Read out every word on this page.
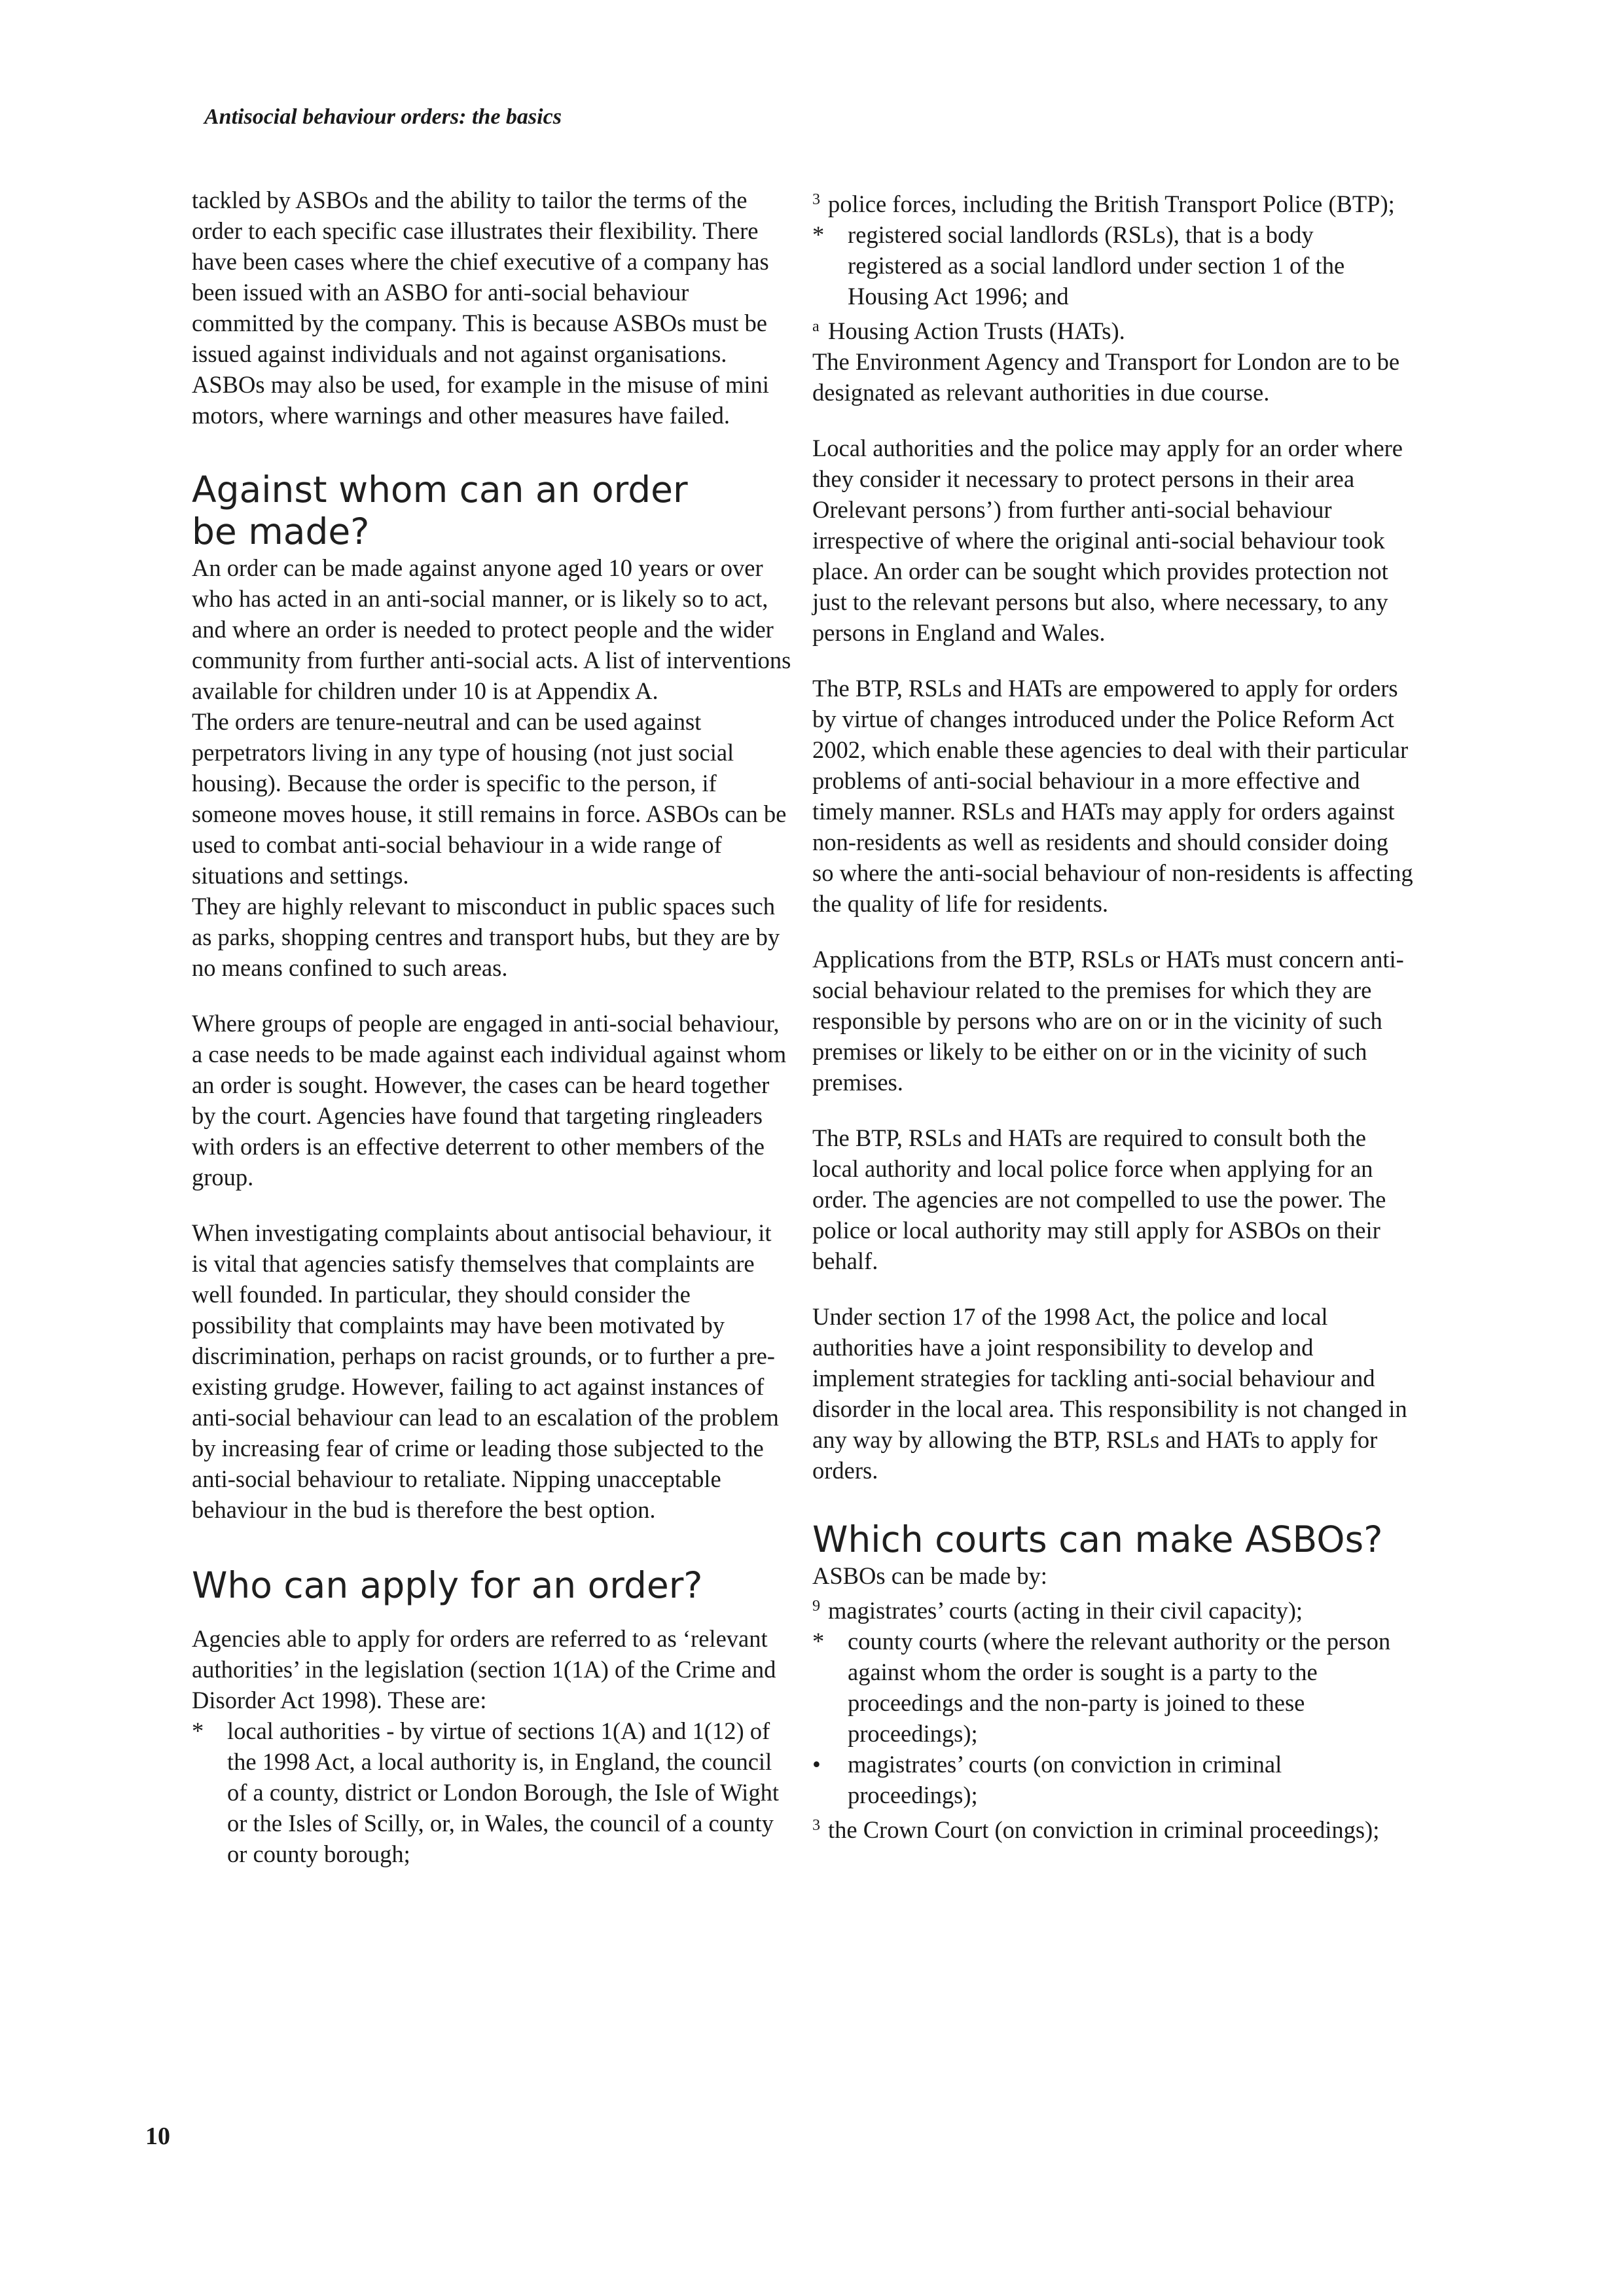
Antisocial behaviour orders: the basics

tackled by ASBOs and the ability to tailor the terms of the order to each specific case illustrates their flexibility. There have been cases where the chief executive of a company has been issued with an ASBO for anti-social behaviour committed by the company. This is because ASBOs must be issued against individuals and not against organisations. ASBOs may also be used, for example in the misuse of mini motors, where warnings and other measures have failed.

Against whom can an order be made?

An order can be made against anyone aged 10 years or over who has acted in an anti-social manner, or is likely so to act, and where an order is needed to protect people and the wider community from further anti-social acts. A list of interventions available for children under 10 is at Appendix A.

The orders are tenure-neutral and can be used against perpetrators living in any type of housing (not just social housing). Because the order is specific to the person, if someone moves house, it still remains in force. ASBOs can be used to combat anti-social behaviour in a wide range of situations and settings.

They are highly relevant to misconduct in public spaces such as parks, shopping centres and transport hubs, but they are by no means confined to such areas.

Where groups of people are engaged in anti-social behaviour, a case needs to be made against each individual against whom an order is sought. However, the cases can be heard together by the court. Agencies have found that targeting ringleaders with orders is an effective deterrent to other members of the group.

When investigating complaints about antisocial behaviour, it is vital that agencies satisfy themselves that complaints are well founded. In particular, they should consider the possibility that complaints may have been motivated by discrimination, perhaps on racist grounds, or to further a pre-existing grudge. However, failing to act against instances of anti-social behaviour can lead to an escalation of the problem by increasing fear of crime or leading those subjected to the anti-social behaviour to retaliate. Nipping unacceptable behaviour in the bud is therefore the best option.

Who can apply for an order?

Agencies able to apply for orders are referred to as ‘relevant authorities’ in the legislation (section 1(1A) of the Crime and Disorder Act 1998). These are:

* local authorities - by virtue of sections 1(A) and 1(12) of the 1998 Act, a local authority is, in England, the council of a county, district or London Borough, the Isle of Wight or the Isles of Scilly, or, in Wales, the council of a county or county borough;

3 police forces, including the British Transport Police (BTP);

* registered social landlords (RSLs), that is a body registered as a social landlord under section 1 of the Housing Act 1996; and

a Housing Action Trusts (HATs).

The Environment Agency and Transport for London are to be designated as relevant authorities in due course.

Local authorities and the police may apply for an order where they consider it necessary to protect persons in their area Orelevant persons’) from further anti-social behaviour irrespective of where the original anti-social behaviour took place. An order can be sought which provides protection not just to the relevant persons but also, where necessary, to any persons in England and Wales.

The BTP, RSLs and HATs are empowered to apply for orders by virtue of changes introduced under the Police Reform Act 2002, which enable these agencies to deal with their particular problems of anti-social behaviour in a more effective and timely manner. RSLs and HATs may apply for orders against non-residents as well as residents and should consider doing so where the anti-social behaviour of non-residents is affecting the quality of life for residents.

Applications from the BTP, RSLs or HATs must concern anti-social behaviour related to the premises for which they are responsible by persons who are on or in the vicinity of such premises or likely to be either on or in the vicinity of such premises.

The BTP, RSLs and HATs are required to consult both the local authority and local police force when applying for an order. The agencies are not compelled to use the power. The police or local authority may still apply for ASBOs on their behalf.

Under section 17 of the 1998 Act, the police and local authorities have a joint responsibility to develop and implement strategies for tackling anti-social behaviour and disorder in the local area. This responsibility is not changed in any way by allowing the BTP, RSLs and HATs to apply for orders.

Which courts can make ASBOs?

ASBOs can be made by:

9 magistrates’ courts (acting in their civil capacity);

* county courts (where the relevant authority or the person against whom the order is sought is a party to the proceedings and the non-party is joined to these proceedings);

• magistrates’ courts (on conviction in criminal proceedings);

3 the Crown Court (on conviction in criminal proceedings);

10
